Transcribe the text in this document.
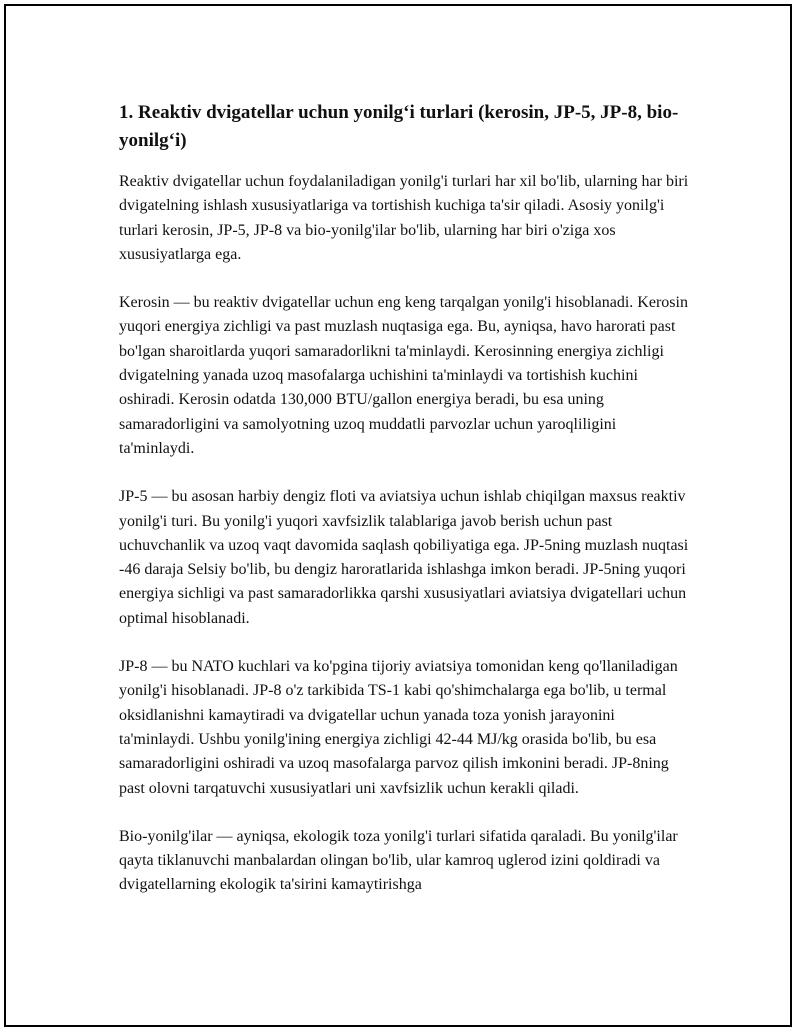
1. Reaktiv dvigatellar uchun yonilg‘i turlari (kerosin, JP-5, JP-8, bio-yonilg‘i)

Reaktiv dvigatellar uchun foydalaniladigan yonilg'i turlari har xil bo'lib, ularning har biri dvigatelning ishlash xususiyatlariga va tortishish kuchiga ta'sir qiladi. Asosiy yonilg'i turlari kerosin, JP-5, JP-8 va bio-yonilg'ilar bo'lib, ularning har biri o'ziga xos xususiyatlarga ega.

Kerosin — bu reaktiv dvigatellar uchun eng keng tarqalgan yonilg'i hisoblanadi. Kerosin yuqori energiya zichligi va past muzlash nuqtasiga ega. Bu, ayniqsa, havo harorati past bo'lgan sharoitlarda yuqori samaradorlikni ta'minlaydi. Kerosinning energiya zichligi dvigatelning yanada uzoq masofalarga uchishini ta'minlaydi va tortishish kuchini oshiradi. Kerosin odatda 130,000 BTU/gallon energiya beradi, bu esa uning samaradorligini va samolyotning uzoq muddatli parvozlar uchun yaroqliligini ta'minlaydi.

JP-5 — bu asosan harbiy dengiz floti va aviatsiya uchun ishlab chiqilgan maxsus reaktiv yonilg'i turi. Bu yonilg'i yuqori xavfsizlik talablariga javob berish uchun past uchuvchanlik va uzoq vaqt davomida saqlash qobiliyatiga ega. JP-5ning muzlash nuqtasi -46 daraja Selsiy bo'lib, bu dengiz haroratlarida ishlashga imkon beradi. JP-5ning yuqori energiya sichligi va past samaradorlikka qarshi xususiyatlari aviatsiya dvigatellari uchun optimal hisoblanadi.

JP-8 — bu NATO kuchlari va ko'pgina tijoriy aviatsiya tomonidan keng qo'llaniladigan yonilg'i hisoblanadi. JP-8 o'z tarkibida TS-1 kabi qo'shimchalarga ega bo'lib, u termal oksidlanishni kamaytiradi va dvigatellar uchun yanada toza yonish jarayonini ta'minlaydi. Ushbu yonilg'ining energiya zichligi 42-44 MJ/kg orasida bo'lib, bu esa samaradorligini oshiradi va uzoq masofalarga parvoz qilish imkonini beradi. JP-8ning past olovni tarqatuvchi xususiyatlari uni xavfsizlik uchun kerakli qiladi.

Bio-yonilg'ilar — ayniqsa, ekologik toza yonilg'i turlari sifatida qaraladi. Bu yonilg'ilar qayta tiklanuvchi manbalardan olingan bo'lib, ular kamroq uglerod izini qoldiradi va dvigatellarning ekologik ta'sirini kamaytirishga
